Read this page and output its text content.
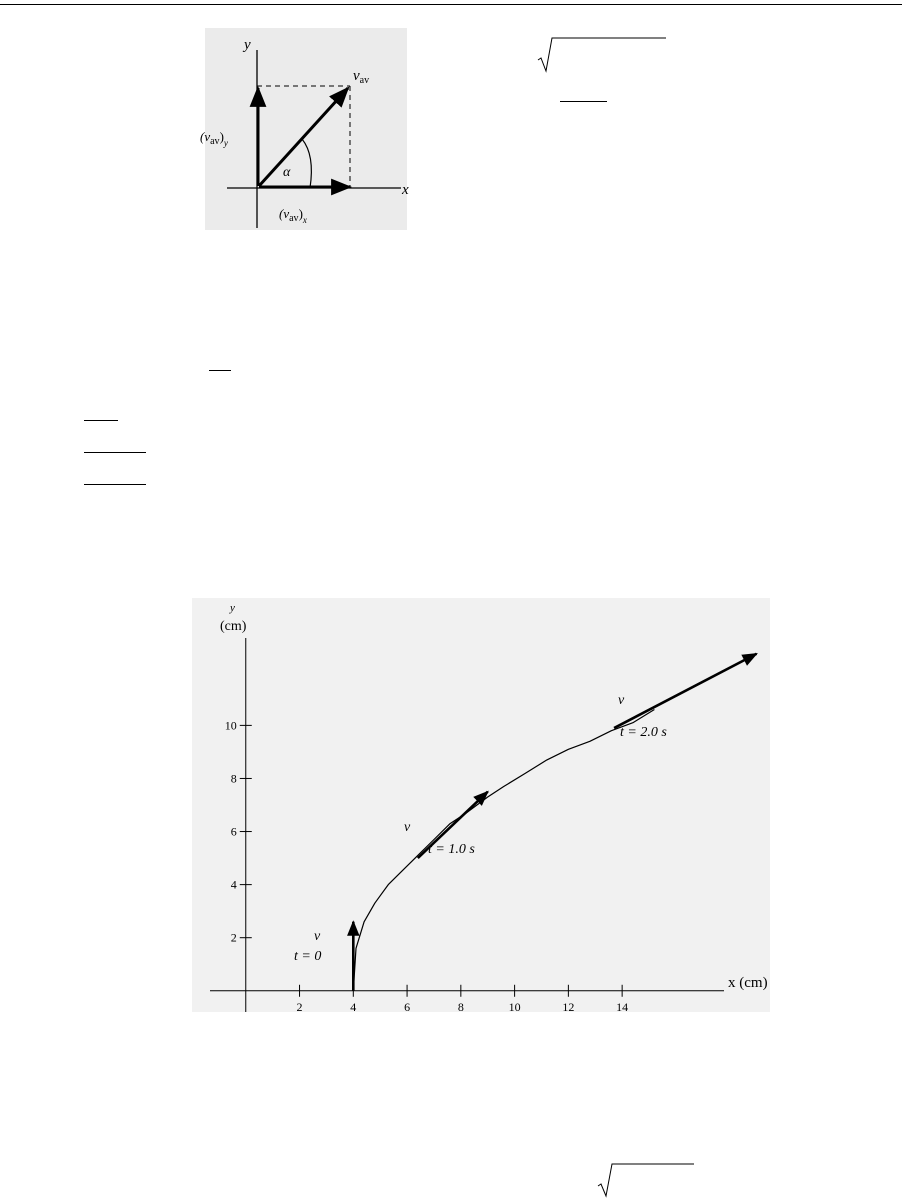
y
x
$v_{av}$
$(v_{av})_y$
$(v_{av})_x$
α
2	4	6	8	10	12	14
2
4
6
8
10
y
(cm)
x (cm)
v
t = 0
v
t = 1.0 s
v
t = 2.0 s
